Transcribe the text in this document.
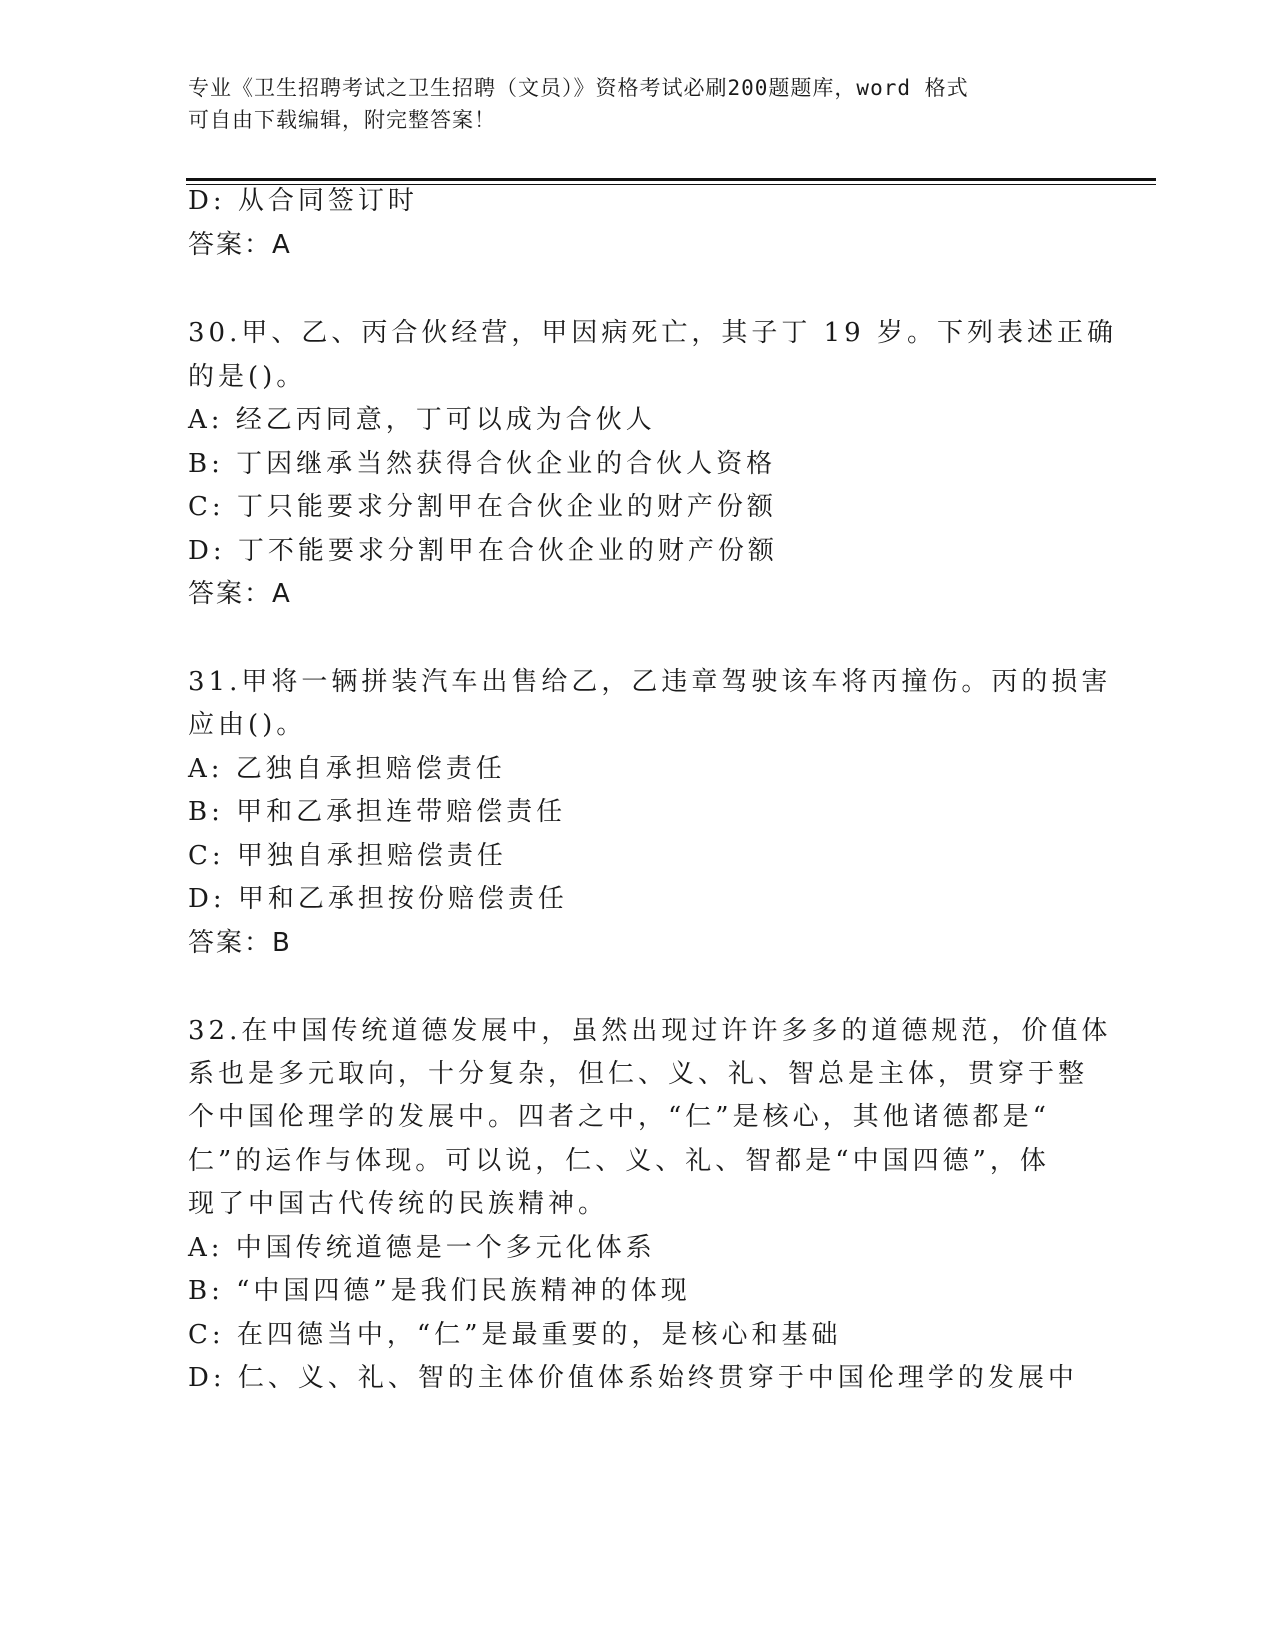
专业《卫生招聘考试之卫生招聘（文员）》资格考试必刷200题题库，word 格式
可自由下载编辑，附完整答案！
D: 从合同签订时
答案：A
30.甲、乙、丙合伙经营，甲因病死亡，其子丁 19 岁。下列表述正确
的是()。
A: 经乙丙同意，丁可以成为合伙人
B: 丁因继承当然获得合伙企业的合伙人资格
C: 丁只能要求分割甲在合伙企业的财产份额
D: 丁不能要求分割甲在合伙企业的财产份额
答案：A
31.甲将一辆拼装汽车出售给乙，乙违章驾驶该车将丙撞伤。丙的损害
应由()。
A: 乙独自承担赔偿责任
B: 甲和乙承担连带赔偿责任
C: 甲独自承担赔偿责任
D: 甲和乙承担按份赔偿责任
答案：B
32.在中国传统道德发展中，虽然出现过许许多多的道德规范，价值体
系也是多元取向，十分复杂，但仁、义、礼、智总是主体，贯穿于整
个中国伦理学的发展中。四者之中，“仁”是核心，其他诸德都是“
仁”的运作与体现。可以说，仁、义、礼、智都是“中国四德”，体
现了中国古代传统的民族精神。
A: 中国传统道德是一个多元化体系
B: “中国四德”是我们民族精神的体现
C: 在四德当中，“仁”是最重要的，是核心和基础
D: 仁、义、礼、智的主体价值体系始终贯穿于中国伦理学的发展中
